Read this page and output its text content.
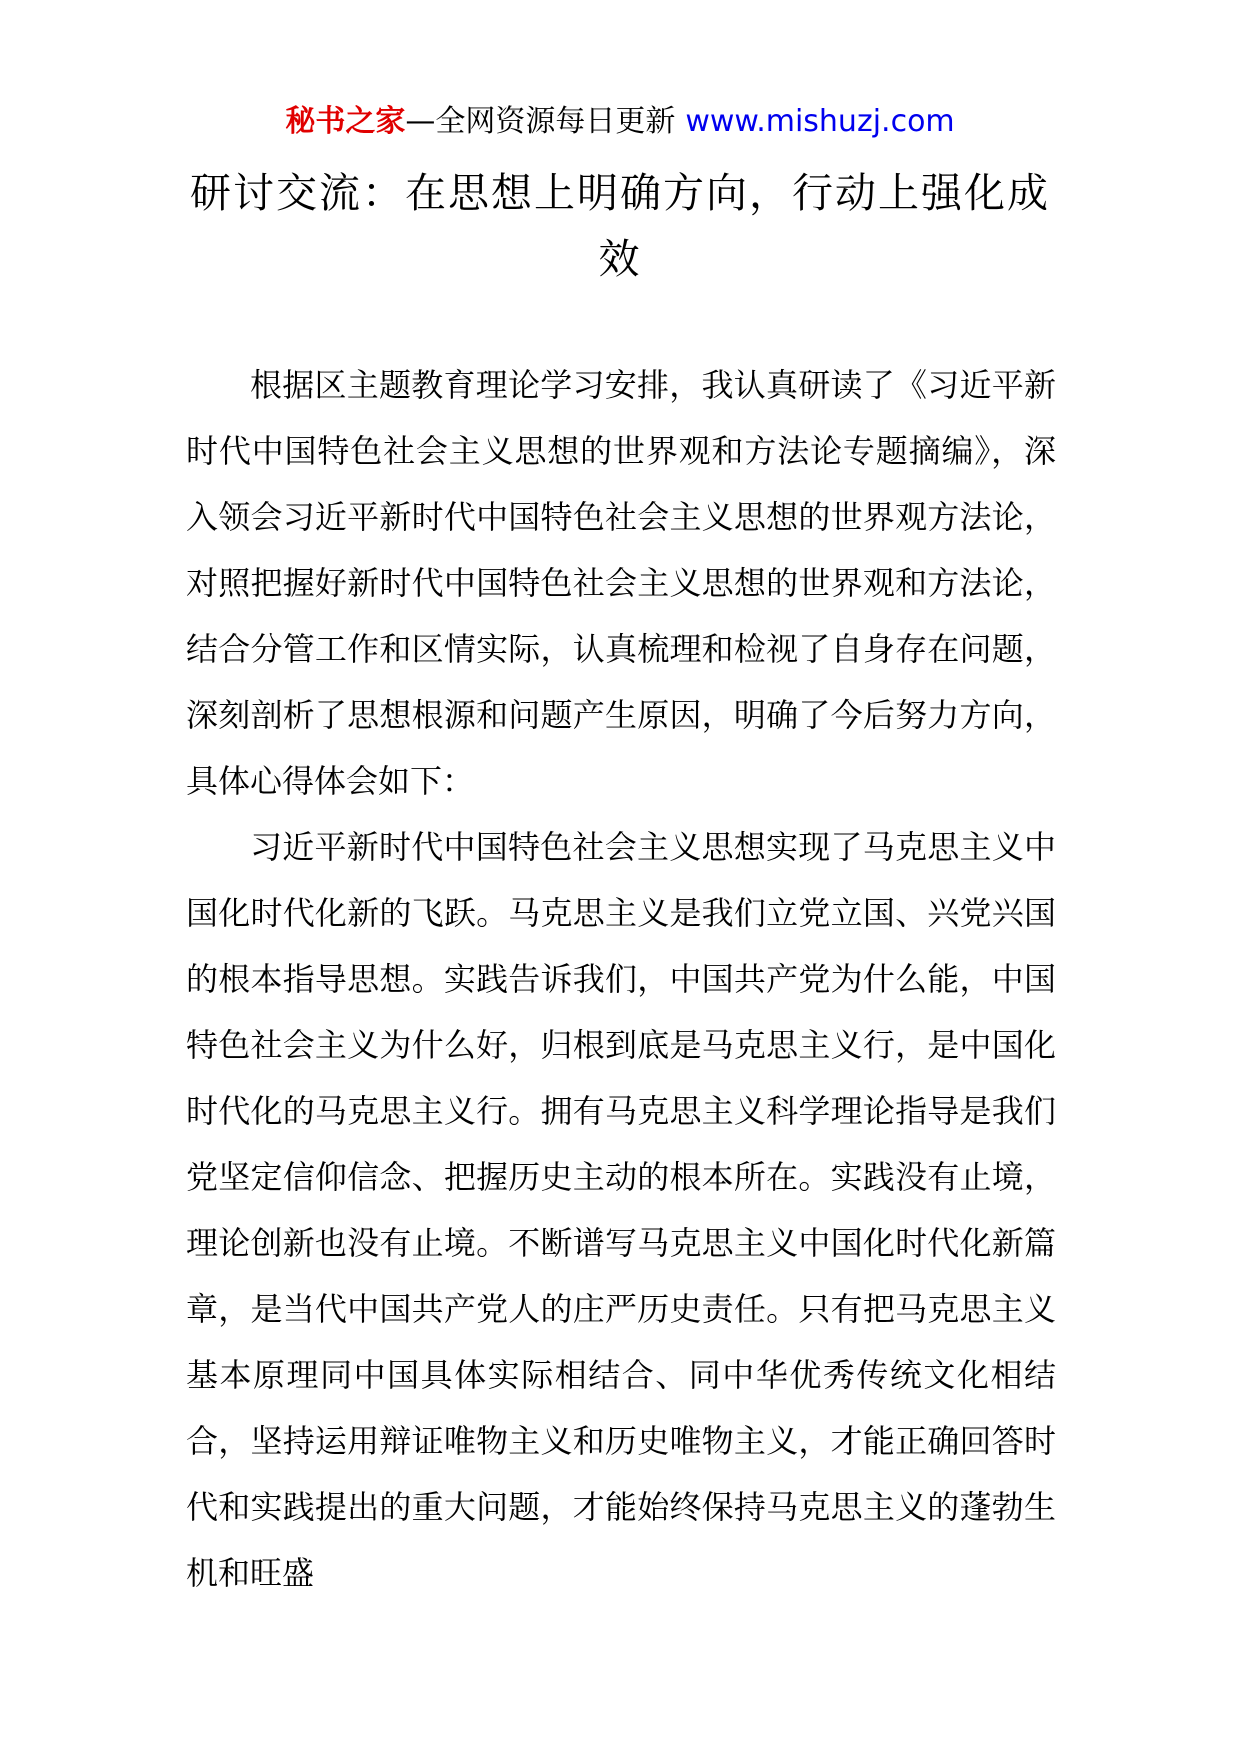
秘书之家—全网资源每日更新 www.mishuzj.com
研讨交流：在思想上明确方向，行动上强化成效

根据区主题教育理论学习安排，我认真研读了《习近平新时代中国特色社会主义思想的世界观和方法论专题摘编》，深入领会习近平新时代中国特色社会主义思想的世界观方法论，对照把握好新时代中国特色社会主义思想的世界观和方法论，结合分管工作和区情实际，认真梳理和检视了自身存在问题，深刻剖析了思想根源和问题产生原因，明确了今后努力方向，具体心得体会如下：

习近平新时代中国特色社会主义思想实现了马克思主义中国化时代化新的飞跃。马克思主义是我们立党立国、兴党兴国的根本指导思想。实践告诉我们，中国共产党为什么能，中国特色社会主义为什么好，归根到底是马克思主义行，是中国化时代化的马克思主义行。拥有马克思主义科学理论指导是我们党坚定信仰信念、把握历史主动的根本所在。实践没有止境，理论创新也没有止境。不断谱写马克思主义中国化时代化新篇章，是当代中国共产党人的庄严历史责任。只有把马克思主义基本原理同中国具体实际相结合、同中华优秀传统文化相结合，坚持运用辩证唯物主义和历史唯物主义，才能正确回答时代和实践提出的重大问题，才能始终保持马克思主义的蓬勃生机和旺盛
